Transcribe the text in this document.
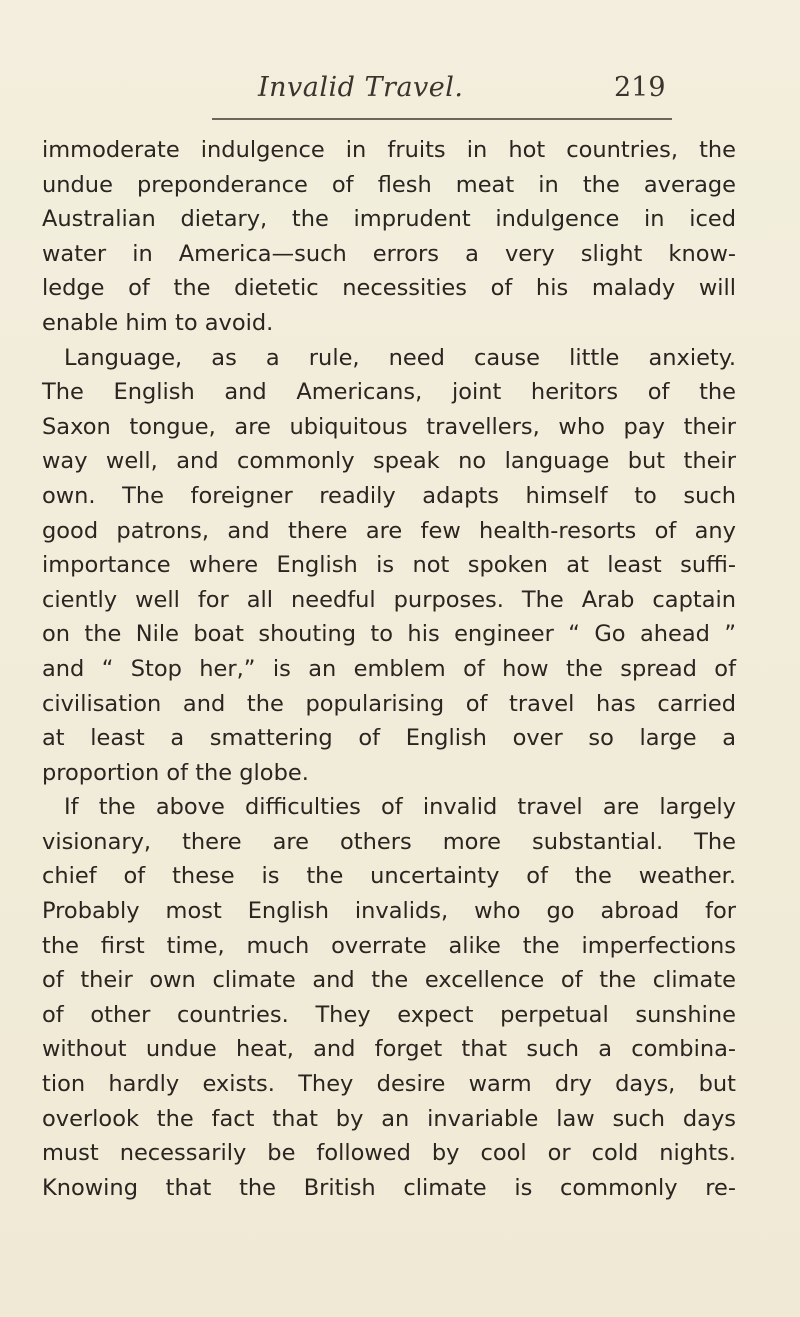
Invalid Travel.	219
immoderate indulgence in fruits in hot countries, the
undue preponderance of flesh meat in the average
Australian dietary, the imprudent indulgence in iced
water in America—such errors a very slight know-
ledge of the dietetic necessities of his malady will
enable him to avoid.
Language, as a rule, need cause little anxiety.
The English and Americans, joint heritors of the
Saxon tongue, are ubiquitous travellers, who pay their
way well, and commonly speak no language but their
own. The foreigner readily adapts himself to such
good patrons, and there are few health-resorts of any
importance where English is not spoken at least suffi-
ciently well for all needful purposes. The Arab captain
on the Nile boat shouting to his engineer “ Go ahead ”
and “ Stop her,” is an emblem of how the spread of
civilisation and the popularising of travel has carried
at least a smattering of English over so large a
proportion of the globe.
If the above difficulties of invalid travel are largely
visionary, there are others more substantial. The
chief of these is the uncertainty of the weather.
Probably most English invalids, who go abroad for
the first time, much overrate alike the imperfections
of their own climate and the excellence of the climate
of other countries. They expect perpetual sunshine
without undue heat, and forget that such a combina-
tion hardly exists. They desire warm dry days, but
overlook the fact that by an invariable law such days
must necessarily be followed by cool or cold nights.
Knowing that the British climate is commonly re-
